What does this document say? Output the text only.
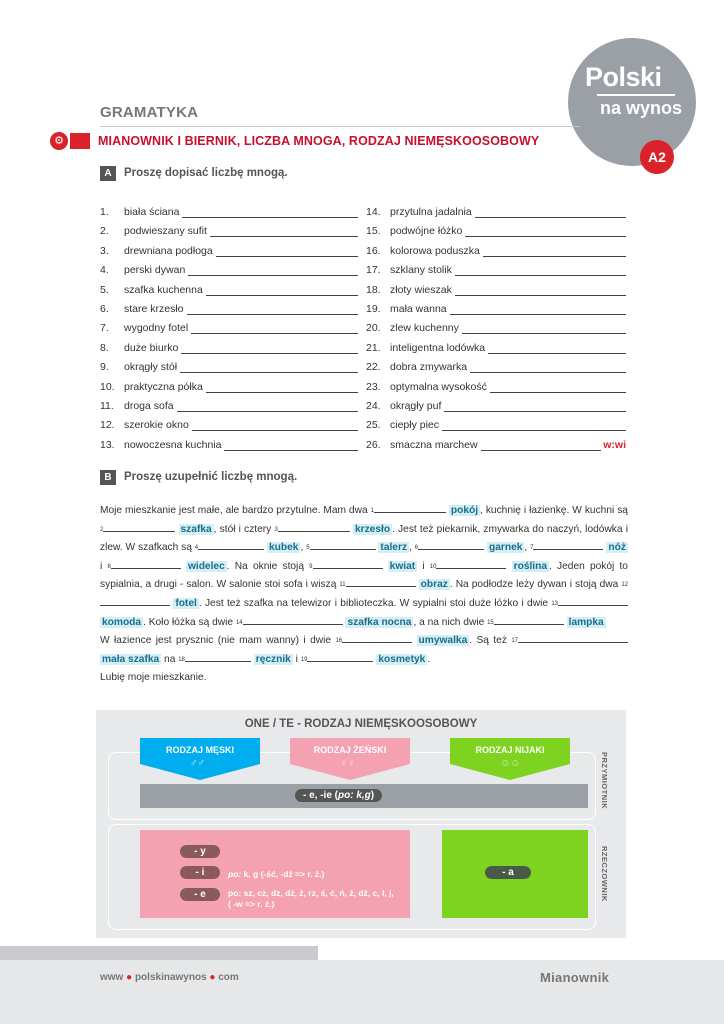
Polski
na wynos
A2
GRAMATYKA
⚙	MIANOWNIK I BIERNIK, LICZBA MNOGA, RODZAJ NIEMĘSKOOSOBOWY
A	Proszę dopisać liczbę mnogą.
1.	biała ściana
2.	podwieszany sufit
3.	drewniana podłoga
4.	perski dywan
5.	szafka kuchenna
6.	stare krzesło
7.	wygodny fotel
8.	duże biurko
9.	okrągły stół
10. praktyczna półka
11. droga sofa
12. szerokie okno
13. nowoczesna kuchnia
14. przytulna jadalnia
15. podwójne łóżko
16. kolorowa poduszka
17. szklany stolik
18. złoty wieszak
19. mała wanna
20. zlew kuchenny
21. inteligentna lodówka
22. dobra zmywarka
23. optymalna wysokość
24. okrągły puf
25. ciepły piec
26. smaczna marchew	w:wi
B	Proszę uzupełnić liczbę mnogą.
Moje mieszkanie jest małe, ale bardzo przytulne. Mam dwa $^1$	pokój , kuchnię i łazienkę. W kuchni są $^2$	szafka , stół i cztery $^3$	krzesło . Jest też piekarnik, zmywarka do naczyń, lodówka i zlew. W szafkach są $^4$	kubek , $^5$	talerz , $^6$	garnek , $^7$	nóż i $^8$	widelec . Na oknie stoją $^9$	kwiat i $^{10}$	roślina . Jeden pokój to sypialnia, a drugi - salon. W salonie stoi sofa i wiszą $^{11}$	obraz . Na podłodze leży dywan i stoją dwa $^{12}$ fotel . Jest też szafka na telewizor i biblioteczka. W sypialni stoi duże łóżko i dwie $^{13}$ komoda . Koło łóżka są dwie $^{14}$	szafka nocna , a na nich dwie $^{15}$	lampka
W łazience jest prysznic (nie mam wanny) i dwie $^{16}$	umywalka . Są też $^{17}$ mała szafka na $^{18}$	ręcznik i $^{19}$	kosmetyk .
Lubię moje mieszkanie.
ONE / TE - RODZAJ NIEMĘSKOOSOBOWY
RODZAJ MĘSKI	RODZAJ ŻEŃSKI	RODZAJ NIJAKI
♂♂	♀♀	☺☺	PRZYMIOTNIK
RZECZOWNIK
- e, -ie (po: k,g)
- y
- i
- e
po: k, g (-ść, -dź => r. ż.)
po: sz, cz, dz, dż, ż, rz, ś, ć, ń, ź, dź, c, l, j,
( -w => r. ż.)
- a
www ● polskinawynos ● com	Mianownik
